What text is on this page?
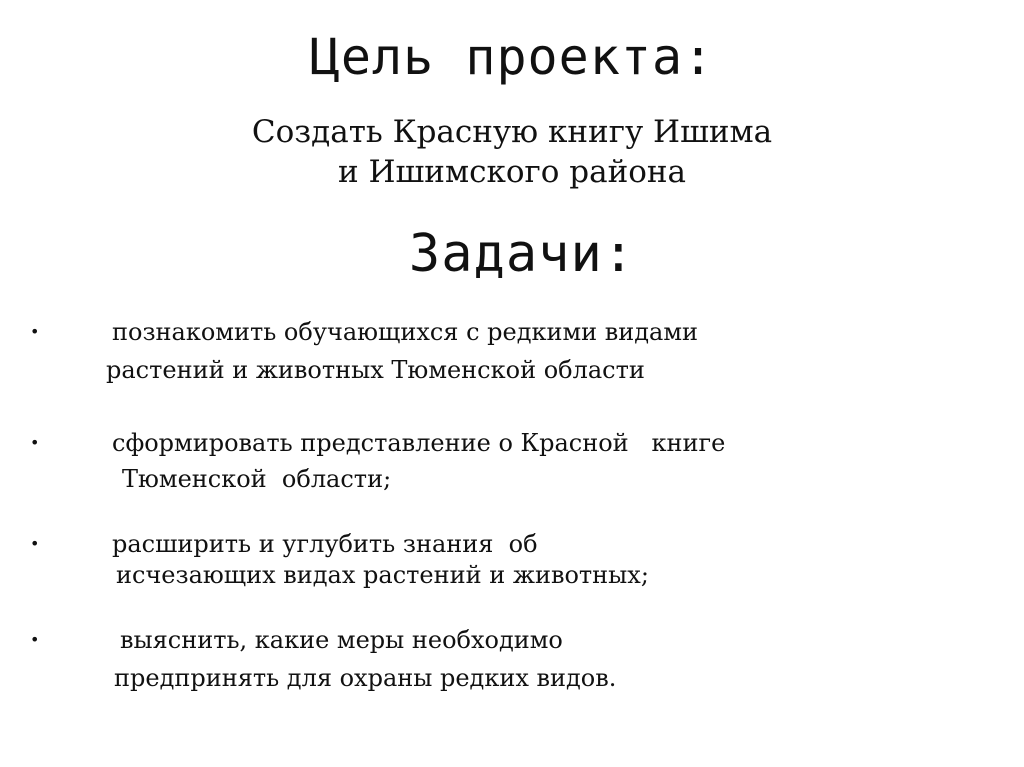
Цель проекта:
Создать Красную книгу Ишима
и Ишимского района
Задачи:
•	познакомить обучающихся с редкими видами
растений и животных Тюменской области
•	сформировать представление о Красной   книге
Тюменской  области;
•	расширить и углубить знания  об
исчезающих видах растений и животных;
•	выяснить, какие меры необходимо
предпринять для охраны редких видов.
